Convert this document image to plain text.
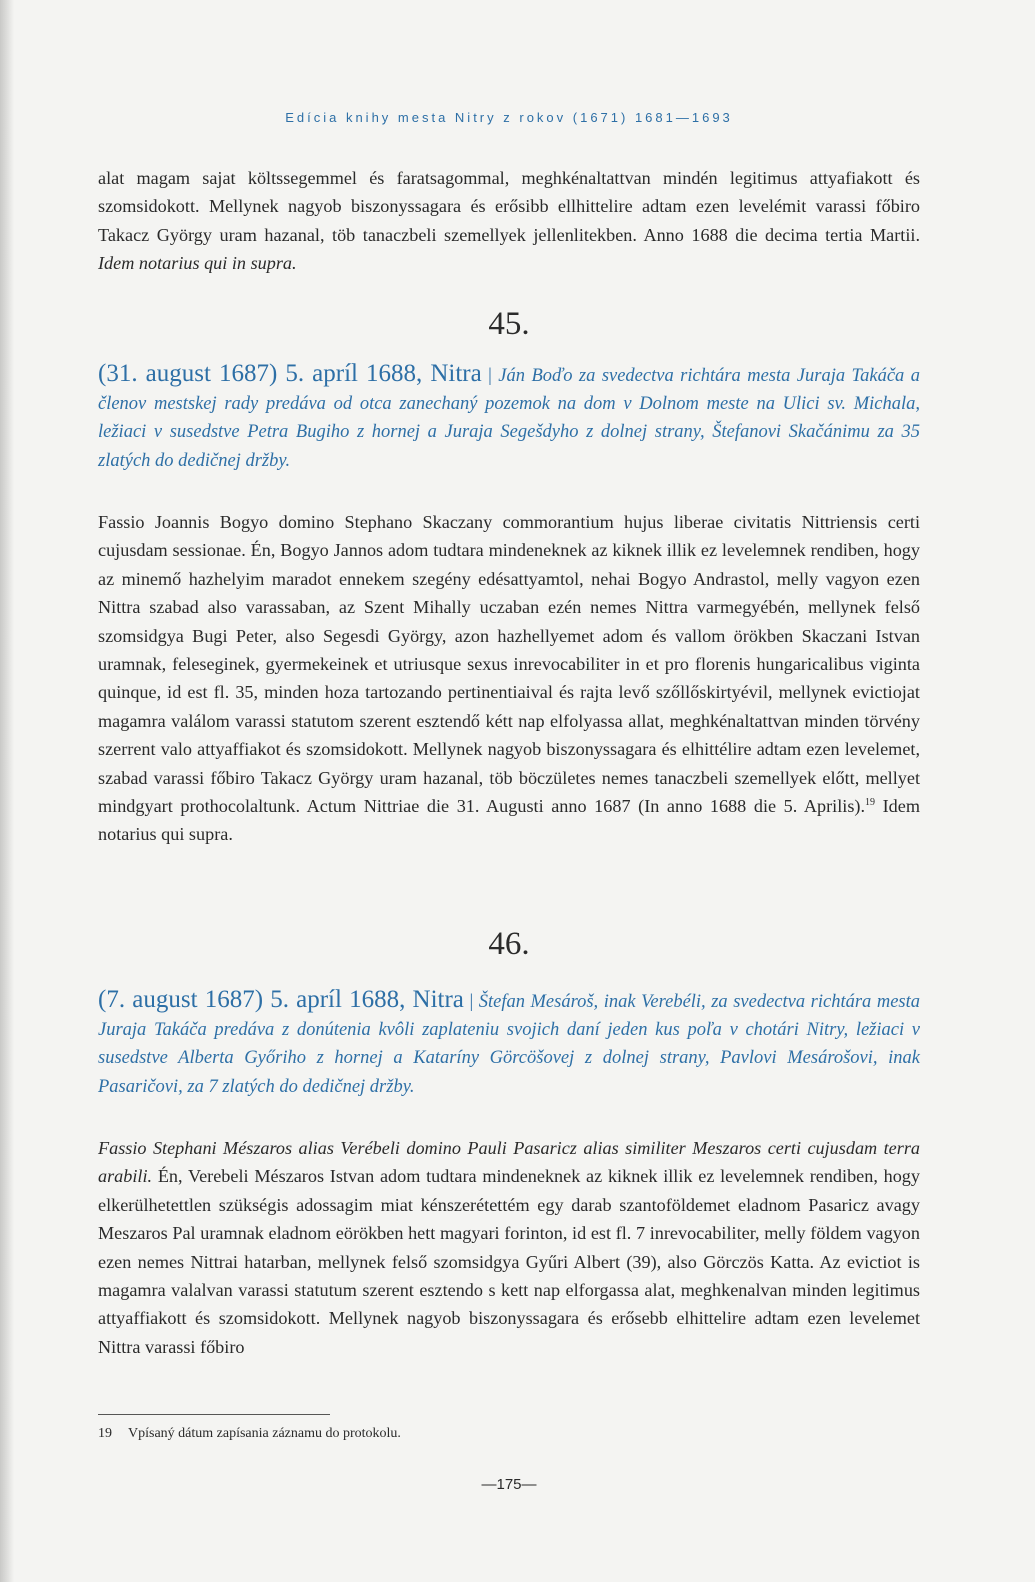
Edícia knihy mesta Nitry z rokov (1671) 1681—1693

alat magam sajat költssegemmel és faratsagommal, meghkénaltattvan mindén legitimus attyafiakott és szomsidokott. Mellynek nagyob biszonyssagara és erősibb ellhittelire adtam ezen levelémit varassi főbiro Takacz György uram hazanal, töb tanaczbeli szemellyek jellenlitekben. Anno 1688 die decima tertia Martii. Idem notarius qui in supra.

45.

(31. august 1687) 5. apríl 1688, Nitra | Ján Boďo za svedectva richtára mesta Juraja Takáča a členov mestskej rady predáva od otca zanechaný pozemok na dom v Dolnom meste na Ulici sv. Michala, ležiaci v susedstve Petra Bugiho z hornej a Juraja Segešdyho z dolnej strany, Štefanovi Skačánimu za 35 zlatých do dedičnej držby.

Fassio Joannis Bogyo domino Stephano Skaczany commorantium hujus liberae civitatis Nittriensis certi cujusdam sessionae. Én, Bogyo Jannos adom tudtara mindeneknek az kiknek illik ez levelemnek rendiben, hogy az minemő hazhelyim maradot ennekem szegény edésattyamtol, nehai Bogyo Andrastol, melly vagyon ezen Nittra szabad also varassaban, az Szent Mihally uczaban ezén nemes Nittra varmegyébén, mellynek felső szomsidgya Bugi Peter, also Segesdi György, azon hazhellyemet adom és vallom örökben Skaczani Istvan uramnak, feleseginek, gyermekeinek et utriusque sexus inrevocabiliter in et pro florenis hungaricalibus viginta quinque, id est fl. 35, minden hoza tartozando pertinentiaival és rajta levő szőllőskirtyévil, mellynek evictiojat magamra valálom varassi statutom szerent esztendő kétt nap elfolyassa allat, meghkénaltattvan minden törvény szerrent valo attyaffiakot és szomsidokott. Mellynek nagyob biszonyssagara és elhittélire adtam ezen levelemet, szabad varassi főbiro Takacz György uram hazanal, töb böczületes nemes tanaczbeli szemellyek előtt, mellyet mindgyart prothocolaltunk. Actum Nittriae die 31. Augusti anno 1687 (In anno 1688 die 5. Aprilis).$^{19}$ Idem notarius qui supra.

46.

(7. august 1687) 5. apríl 1688, Nitra | Štefan Mesároš, inak Verebéli, za svedectva richtára mesta Juraja Takáča predáva z donútenia kvôli zaplateniu svojich daní jeden kus poľa v chotári Nitry, ležiaci v susedstve Alberta Győriho z hornej a Katarínу Görcöšovej z dolnej strany, Pavlovi Mesárošovi, inak Pasaričovi, za 7 zlatých do dedičnej držby.

Fassio Stephani Mészaros alias Verébeli domino Pauli Pasaricz alias similiter Meszaros certi cujusdam terra arabili. Én, Verebeli Mészaros Istvan adom tudtara mindeneknek az kiknek illik ez levelemnek rendiben, hogy elkerülhetettlen szükségis adossagim miat kénszerétettém egy darab szantoföldemet eladnom Pasaricz avagy Meszaros Pal uramnak eladnom eörökben hett magyari forinton, id est fl. 7 inrevocabiliter, melly földem vagyon ezen nemes Nittrai hatarban, mellynek felső szomsidgya Gyűri Albert (39), also Görczös Katta. Az evictiot is magamra valalvan varassi statutum szerent esztendo s kett nap elforgassa alat, meghkenalvan minden legitimus attyaffiakott és szomsidokott. Mellynek nagyob biszonyssagara és erősebb elhittelire adtam ezen levelemet Nittra varassi főbiro

19 Vpísaný dátum zapísania záznamu do protokolu.
—175—
